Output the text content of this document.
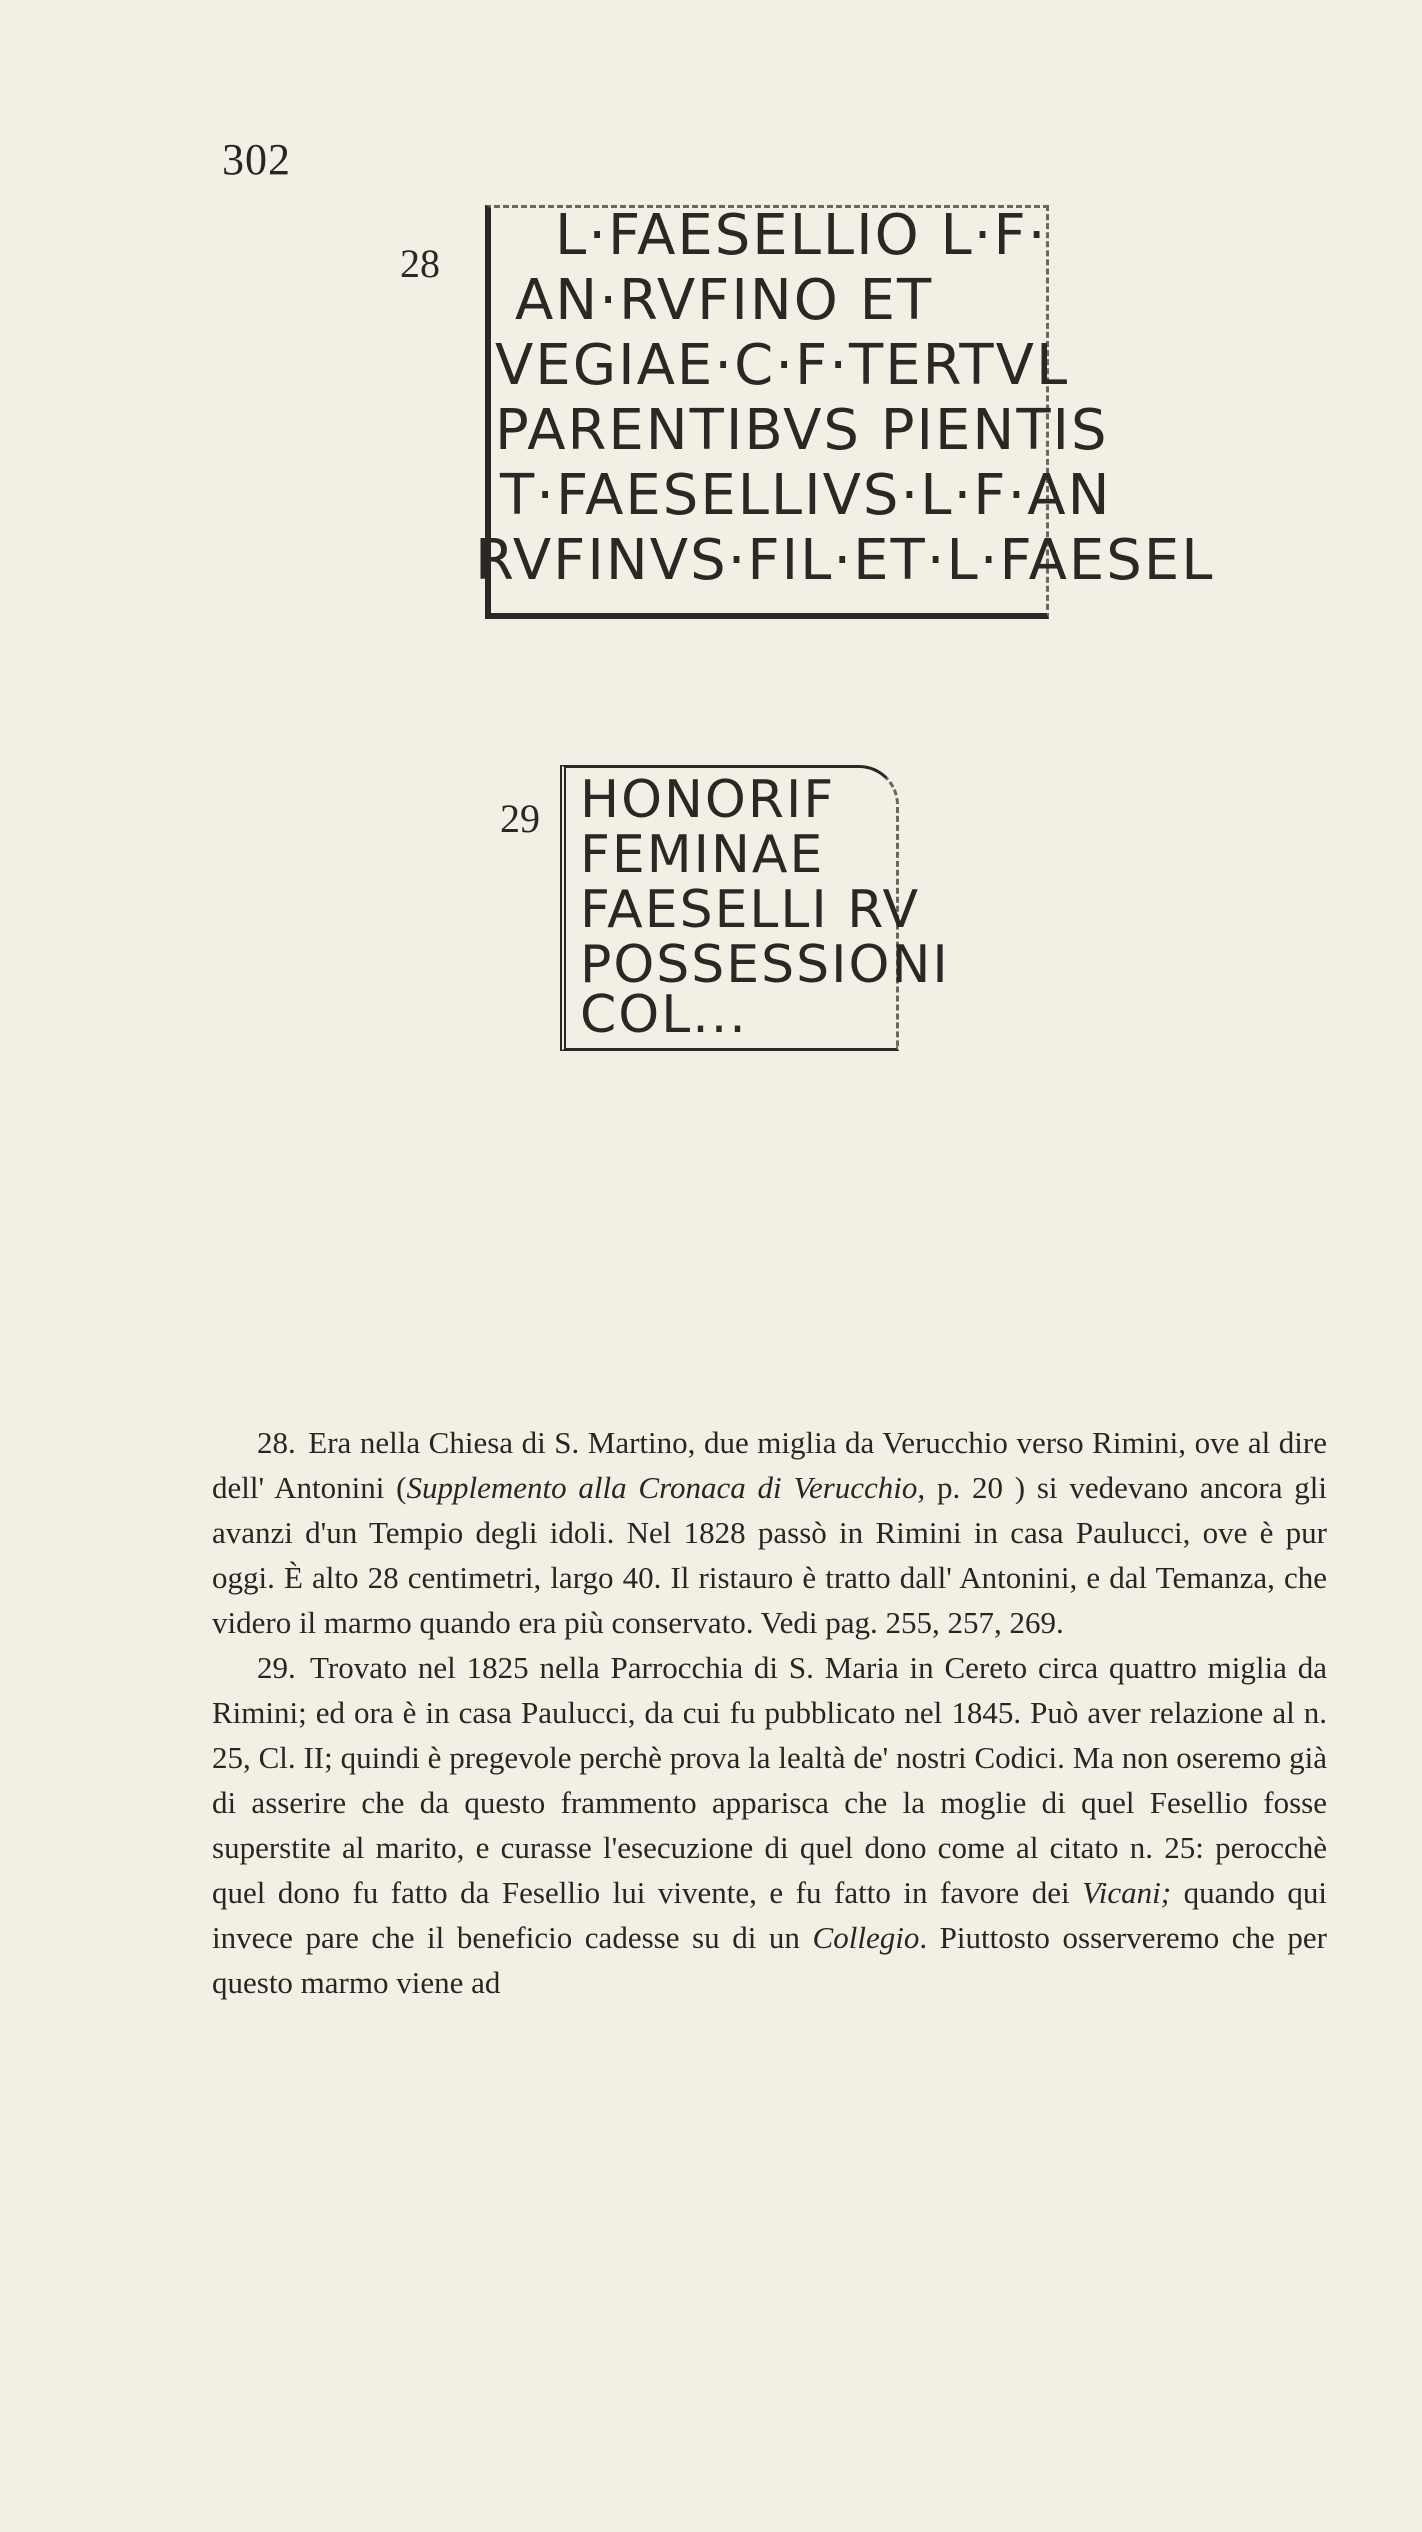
302
28 L·FAESELLIO L·F·
AN·RVFINO ET
VEGIAE·C·F·TERTVL
PARENTIBVS PIENTIS
T·FAESELLIVS·L·F·AN
RVFINVS·FIL·ET·L·FAESEL
29 HONORIF
FEMINAE
FAESELLI RV
POSSESSIONI
COL...

28. Era nella Chiesa di S. Martino, due miglia da Verucchio verso Rimini, ove al dire dell' Antonini (Supplemento alla Cronaca di Verucchio, p. 20 ) si vedevano ancora gli avanzi d'un Tempio degli idoli. Nel 1828 passò in Rimini in casa Paulucci, ove è pur oggi. È alto 28 centimetri, largo 40. Il ristauro è tratto dall' Antonini, e dal Temanza, che videro il marmo quando era più conservato. Vedi pag. 255, 257, 269.

29. Trovato nel 1825 nella Parrocchia di S. Maria in Cereto circa quattro miglia da Rimini; ed ora è in casa Paulucci, da cui fu pubblicato nel 1845. Può aver relazione al n. 25, Cl. II; quindi è pregevole perchè prova la lealtà de' nostri Codici. Ma non oseremo già di asserire che da questo frammento apparisca che la moglie di quel Fesellio fosse superstite al marito, e curasse l'esecuzione di quel dono come al citato n. 25: perocchè quel dono fu fatto da Fesellio lui vivente, e fu fatto in favore dei Vicani; quando qui invece pare che il beneficio cadesse su di un Collegio. Piuttosto osserveremo che per questo marmo viene ad
